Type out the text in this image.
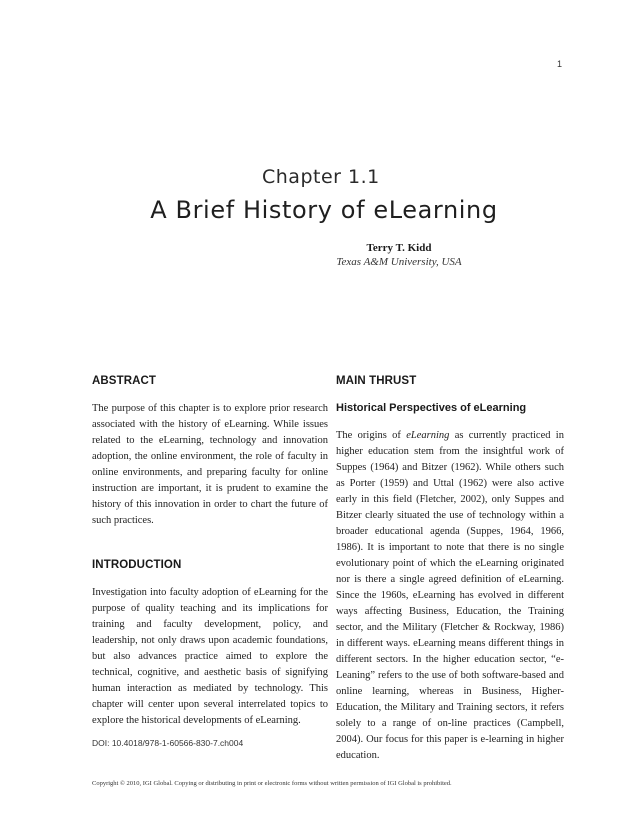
1
Chapter 1.1
A Brief History of eLearning
Terry T. Kidd
Texas A&M University, USA
ABSTRACT

The purpose of this chapter is to explore prior research associated with the history of eLearning. While issues related to the eLearning, technology and innovation adoption, the online environment, the role of faculty in online environments, and preparing faculty for online instruction are important, it is prudent to examine the history of this innovation in order to chart the future of such practices.

INTRODUCTION

Investigation into faculty adoption of eLearning for the purpose of quality teaching and its implications for training and faculty development, policy, and leadership, not only draws upon academic foundations, but also advances practice aimed to explore the technical, cognitive, and aesthetic basis of signifying human interaction as mediated by technology. This chapter will center upon several interrelated topics to explore the historical developments of eLearning.

DOI: 10.4018/978-1-60566-830-7.ch004

MAIN THRUST
Historical Perspectives of eLearning

The origins of eLearning as currently practiced in higher education stem from the insightful work of Suppes (1964) and Bitzer (1962). While others such as Porter (1959) and Uttal (1962) were also active early in this field (Fletcher, 2002), only Suppes and Bitzer clearly situated the use of technology within a broader educational agenda (Suppes, 1964, 1966, 1986). It is important to note that there is no single evolutionary point of which the eLearning originated nor is there a single agreed definition of eLearning. Since the 1960s, eLearning has evolved in different ways affecting Business, Education, the Training sector, and the Military (Fletcher & Rockway, 1986) in different ways. eLearning means different things in different sectors. In the higher education sector, “e-Leaning” refers to the use of both software-based and online learning, whereas in Business, Higher-Education, the Military and Training sectors, it refers solely to a range of on-line practices (Campbell, 2004). Our focus for this paper is e-learning in higher education.

Copyright © 2010, IGI Global. Copying or distributing in print or electronic forms without written permission of IGI Global is prohibited.
